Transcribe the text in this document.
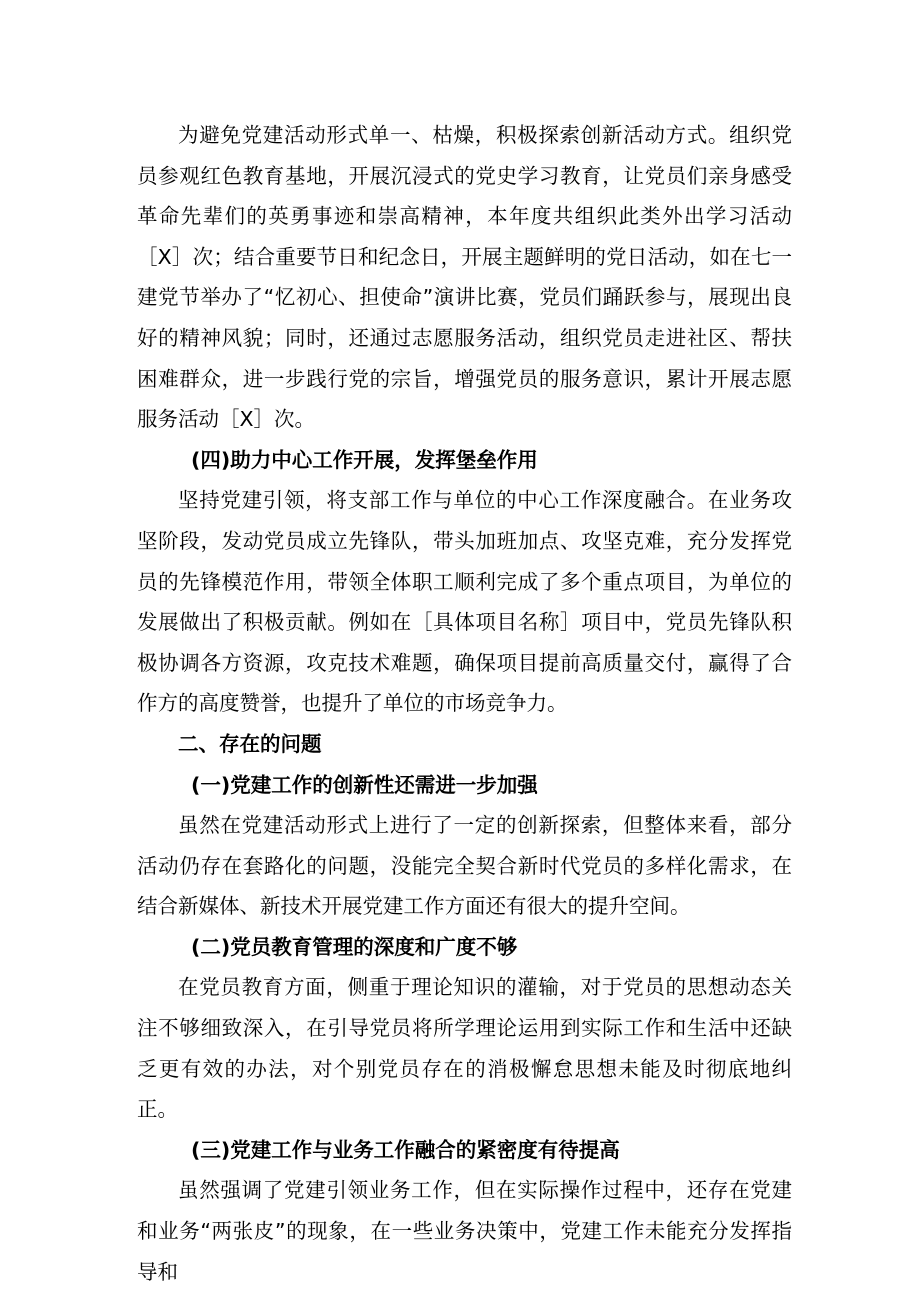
为避免党建活动形式单一、枯燥，积极探索创新活动方式。组织党员参观红色教育基地，开展沉浸式的党史学习教育，让党员们亲身感受革命先辈们的英勇事迹和崇高精神，本年度共组织此类外出学习活动［X］次；结合重要节日和纪念日，开展主题鲜明的党日活动，如在七一建党节举办了“忆初心、担使命”演讲比赛，党员们踊跃参与，展现出良好的精神风貌；同时，还通过志愿服务活动，组织党员走进社区、帮扶困难群众，进一步践行党的宗旨，增强党员的服务意识，累计开展志愿服务活动［X］次。

(四)助力中心工作开展，发挥堡垒作用

坚持党建引领，将支部工作与单位的中心工作深度融合。在业务攻坚阶段，发动党员成立先锋队，带头加班加点、攻坚克难，充分发挥党员的先锋模范作用，带领全体职工顺利完成了多个重点项目，为单位的发展做出了积极贡献。例如在［具体项目名称］项目中，党员先锋队积极协调各方资源，攻克技术难题，确保项目提前高质量交付，赢得了合作方的高度赞誉，也提升了单位的市场竞争力。

二、存在的问题

(一)党建工作的创新性还需进一步加强

虽然在党建活动形式上进行了一定的创新探索，但整体来看，部分活动仍存在套路化的问题，没能完全契合新时代党员的多样化需求，在结合新媒体、新技术开展党建工作方面还有很大的提升空间。

(二)党员教育管理的深度和广度不够

在党员教育方面，侧重于理论知识的灌输，对于党员的思想动态关注不够细致深入，在引导党员将所学理论运用到实际工作和生活中还缺乏更有效的办法，对个别党员存在的消极懈怠思想未能及时彻底地纠正。

(三)党建工作与业务工作融合的紧密度有待提高

虽然强调了党建引领业务工作，但在实际操作过程中，还存在党建和业务“两张皮”的现象，在一些业务决策中，党建工作未能充分发挥指导和
